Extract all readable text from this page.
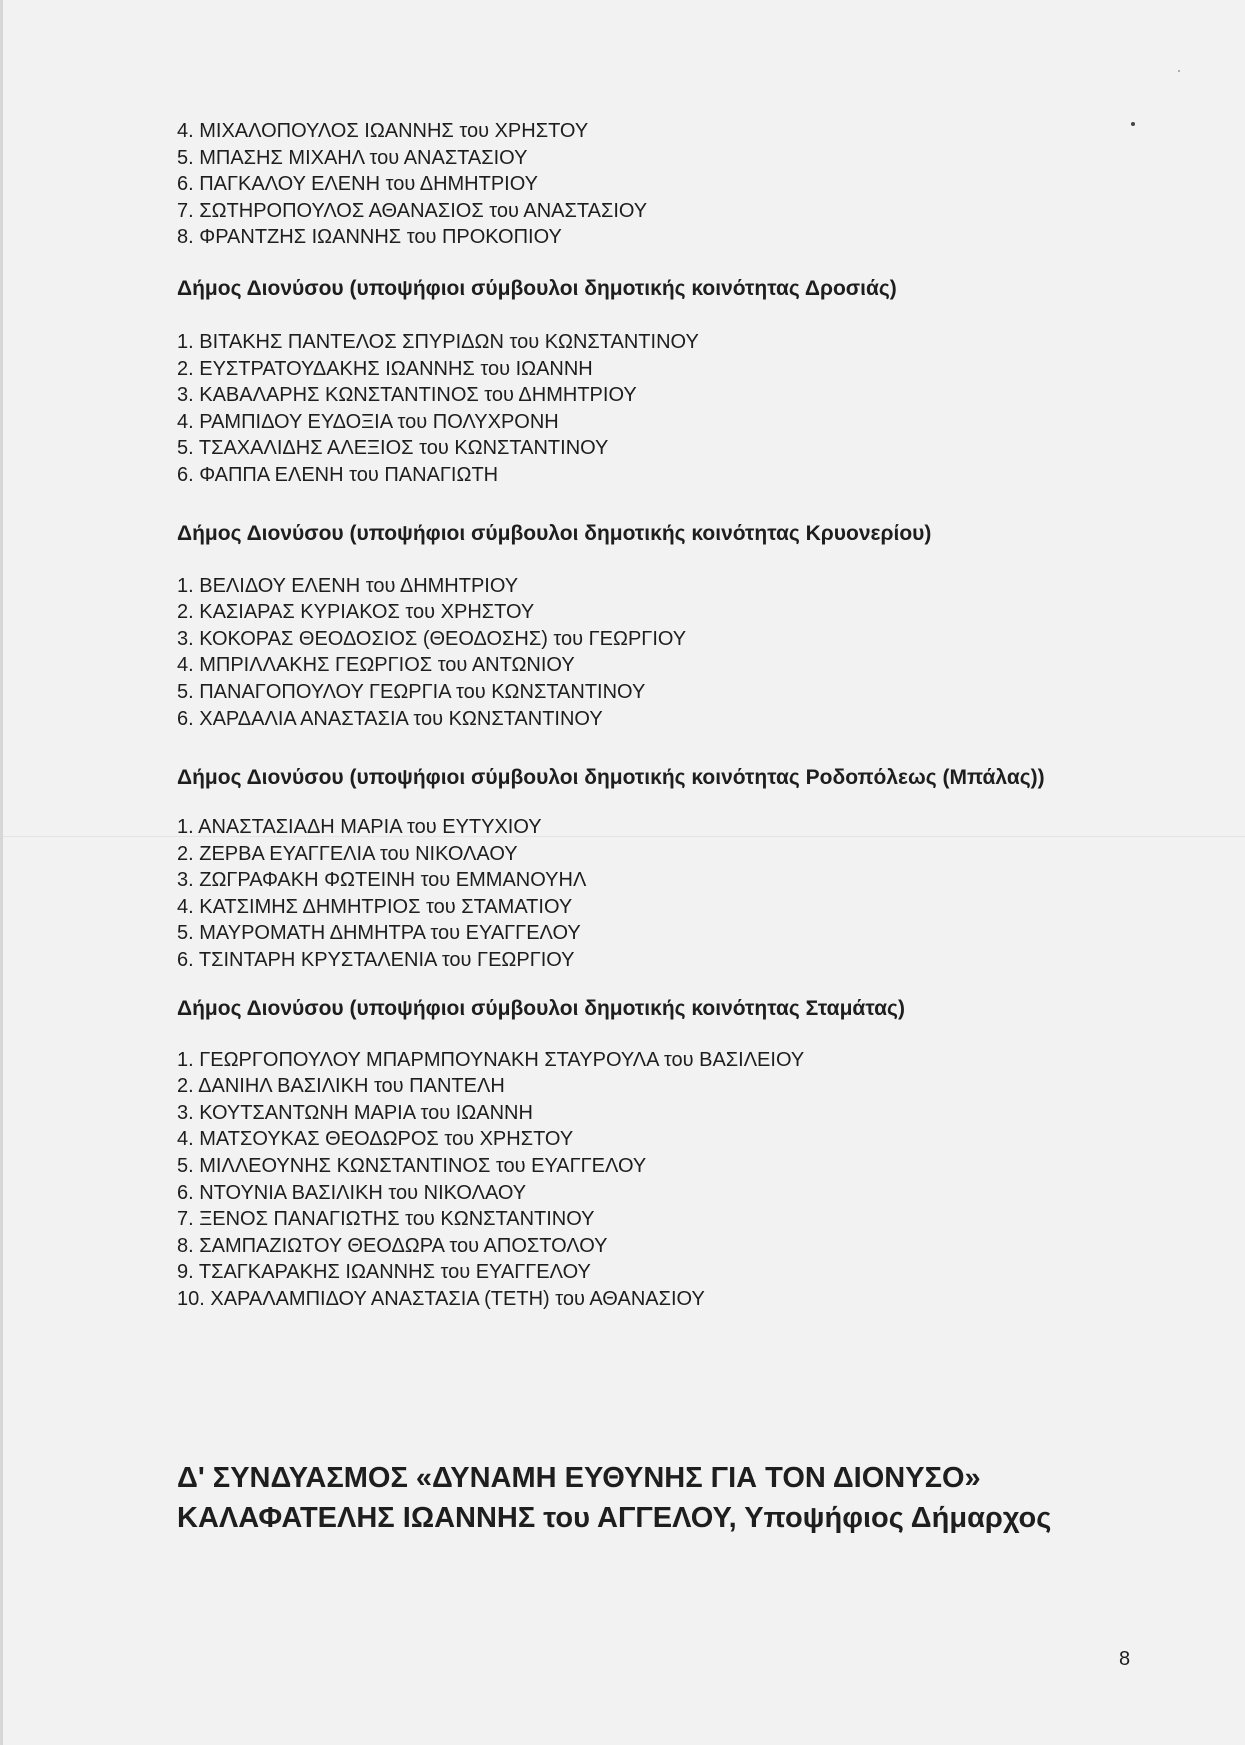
4. ΜΙΧΑΛΟΠΟΥΛΟΣ ΙΩΑΝΝΗΣ του ΧΡΗΣΤΟΥ
5. ΜΠΑΣΗΣ ΜΙΧΑΗΛ του ΑΝΑΣΤΑΣΙΟΥ
6. ΠΑΓΚΑΛΟΥ ΕΛΕΝΗ του ΔΗΜΗΤΡΙΟΥ
7. ΣΩΤΗΡΟΠΟΥΛΟΣ ΑΘΑΝΑΣΙΟΣ του ΑΝΑΣΤΑΣΙΟΥ
8. ΦΡΑΝΤΖΗΣ ΙΩΑΝΝΗΣ του ΠΡΟΚΟΠΙΟΥ
Δήμος Διονύσου (υποψήφιοι σύμβουλοι δημοτικής κοινότητας Δροσιάς)
1. ΒΙΤΑΚΗΣ ΠΑΝΤΕΛΟΣ ΣΠΥΡΙΔΩΝ του ΚΩΝΣΤΑΝΤΙΝΟΥ
2. ΕΥΣΤΡΑΤΟΥΔΑΚΗΣ ΙΩΑΝΝΗΣ του ΙΩΑΝΝΗ
3. ΚΑΒΑΛΑΡΗΣ ΚΩΝΣΤΑΝΤΙΝΟΣ του ΔΗΜΗΤΡΙΟΥ
4. ΡΑΜΠΙΔΟΥ ΕΥΔΟΞΙΑ του ΠΟΛΥΧΡΟΝΗ
5. ΤΣΑΧΑΛΙΔΗΣ ΑΛΕΞΙΟΣ του ΚΩΝΣΤΑΝΤΙΝΟΥ
6. ΦΑΠΠΑ ΕΛΕΝΗ του ΠΑΝΑΓΙΩΤΗ
Δήμος Διονύσου (υποψήφιοι σύμβουλοι δημοτικής κοινότητας Κρυονερίου)
1. ΒΕΛΙΔΟΥ ΕΛΕΝΗ του ΔΗΜΗΤΡΙΟΥ
2. ΚΑΣΙΑΡΑΣ ΚΥΡΙΑΚΟΣ του ΧΡΗΣΤΟΥ
3. ΚΟΚΟΡΑΣ ΘΕΟΔΟΣΙΟΣ (ΘΕΟΔΟΣΗΣ) του ΓΕΩΡΓΙΟΥ
4. ΜΠΡΙΛΛΑΚΗΣ ΓΕΩΡΓΙΟΣ του ΑΝΤΩΝΙΟΥ
5. ΠΑΝΑΓΟΠΟΥΛΟΥ ΓΕΩΡΓΙΑ του ΚΩΝΣΤΑΝΤΙΝΟΥ
6. ΧΑΡΔΑΛΙΑ ΑΝΑΣΤΑΣΙΑ του ΚΩΝΣΤΑΝΤΙΝΟΥ
Δήμος Διονύσου (υποψήφιοι σύμβουλοι δημοτικής κοινότητας Ροδοπόλεως (Μπάλας))
1. ΑΝΑΣΤΑΣΙΑΔΗ ΜΑΡΙΑ του ΕΥΤΥΧΙΟΥ
2. ΖΕΡΒΑ ΕΥΑΓΓΕΛΙΑ του ΝΙΚΟΛΑΟΥ
3. ΖΩΓΡΑΦΑΚΗ ΦΩΤΕΙΝΗ του ΕΜΜΑΝΟΥΗΛ
4. ΚΑΤΣΙΜΗΣ ΔΗΜΗΤΡΙΟΣ του ΣΤΑΜΑΤΙΟΥ
5. ΜΑΥΡΟΜΑΤΗ ΔΗΜΗΤΡΑ του ΕΥΑΓΓΕΛΟΥ
6. ΤΣΙΝΤΑΡΗ ΚΡΥΣΤΑΛΕΝΙΑ του ΓΕΩΡΓΙΟΥ
Δήμος Διονύσου (υποψήφιοι σύμβουλοι δημοτικής κοινότητας Σταμάτας)
1. ΓΕΩΡΓΟΠΟΥΛΟΥ ΜΠΑΡΜΠΟΥΝΑΚΗ ΣΤΑΥΡΟΥΛΑ του ΒΑΣΙΛΕΙΟΥ
2. ΔΑΝΙΗΛ ΒΑΣΙΛΙΚΗ του ΠΑΝΤΕΛΗ
3. ΚΟΥΤΣΑΝΤΩΝΗ ΜΑΡΙΑ του ΙΩΑΝΝΗ
4. ΜΑΤΣΟΥΚΑΣ ΘΕΟΔΩΡΟΣ του ΧΡΗΣΤΟΥ
5. ΜΙΛΛΕΟΥΝΗΣ ΚΩΝΣΤΑΝΤΙΝΟΣ του ΕΥΑΓΓΕΛΟΥ
6. ΝΤΟΥΝΙΑ ΒΑΣΙΛΙΚΗ του ΝΙΚΟΛΑΟΥ
7. ΞΕΝΟΣ ΠΑΝΑΓΙΩΤΗΣ του ΚΩΝΣΤΑΝΤΙΝΟΥ
8. ΣΑΜΠΑΖΙΩΤΟΥ ΘΕΟΔΩΡΑ του ΑΠΟΣΤΟΛΟΥ
9. ΤΣΑΓΚΑΡΑΚΗΣ ΙΩΑΝΝΗΣ του ΕΥΑΓΓΕΛΟΥ
10. ΧΑΡΑΛΑΜΠΙΔΟΥ ΑΝΑΣΤΑΣΙΑ (ΤΕΤΗ) του ΑΘΑΝΑΣΙΟΥ
Δ' ΣΥΝΔΥΑΣΜΟΣ «ΔΥΝΑΜΗ ΕΥΘΥΝΗΣ ΓΙΑ ΤΟΝ ΔΙΟΝΥΣΟ»
ΚΑΛΑΦΑΤΕΛΗΣ ΙΩΑΝΝΗΣ του ΑΓΓΕΛΟΥ, Υποψήφιος Δήμαρχος
8
